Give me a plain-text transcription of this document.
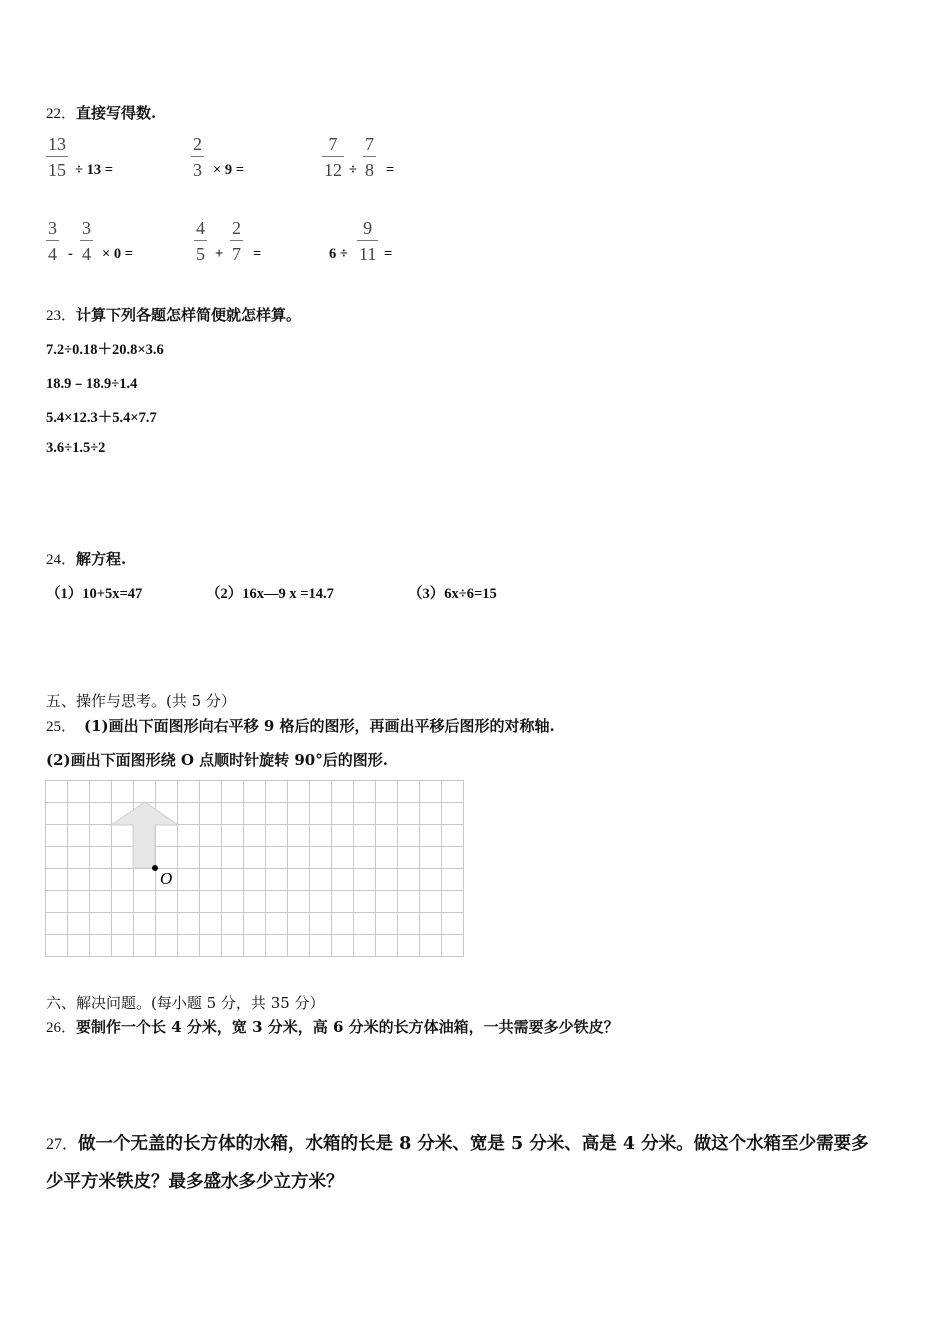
22．直接写得数.
13
15 ÷ 13 =
2
3 × 9 =
7
12 ÷
7
8 =
3
4 -
3
4 × 0 =
4
5 +
2
7 =	6 ÷
9
11 =
23．计算下列各题怎样简便就怎样算。
7.2÷0.18＋20.8×3.6
18.9﹣18.9÷1.4
5.4×12.3＋5.4×7.7
3.6÷1.5÷2
24．解方程.
（1）10+5x=47	（2）16x—9 x =14.7	（3）6x÷6=15
五、操作与思考。(共 5 分）
25． (1)画出下面图形向右平移 9 格后的图形，再画出平移后图形的对称轴.
(2)画出下面图形绕 O 点顺时针旋转 90°后的图形.
O
六、解决问题。(每小题 5 分，共 35 分）
26．要制作一个长 4 分米，宽 3 分米，高 6 分米的长方体油箱，一共需要多少铁皮？
27．做一个无盖的长方体的水箱，水箱的长是 8 分米、宽是 5 分米、高是 4 分米。做这个水箱至少需要多
少平方米铁皮？最多盛水多少立方米？
